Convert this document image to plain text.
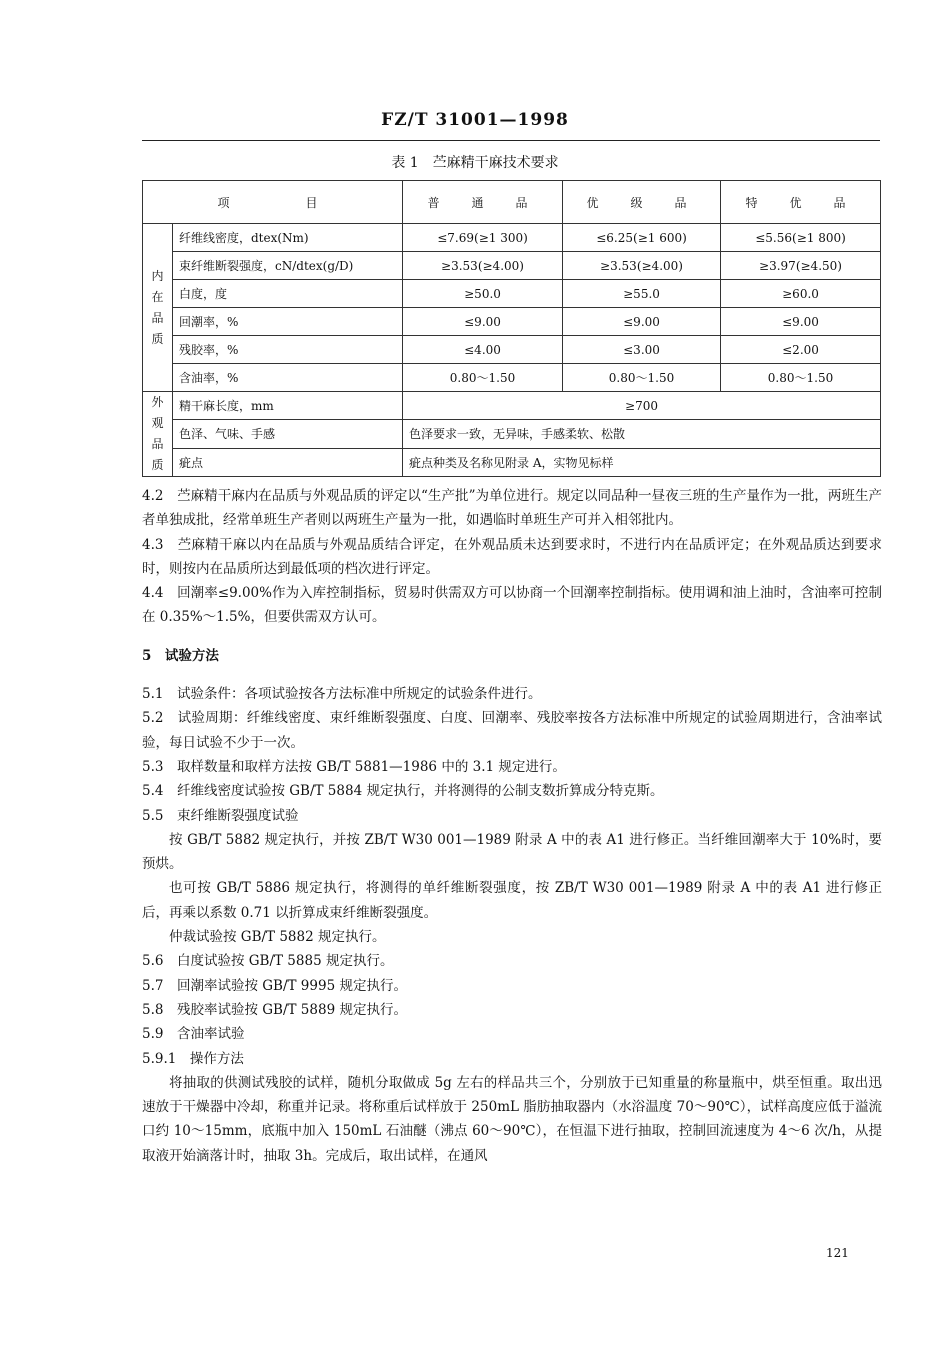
FZ/T 31001—1998
表 1　苎麻精干麻技术要求
项　　　目		普　通　品	优　级　品	特　优　品
内在品质	纤维线密度，dtex(Nm)	≤7.69(≥1 300)	≤6.25(≥1 600)	≤5.56(≥1 800)
	束纤维断裂强度，cN/dtex(g/D)	≥3.53(≥4.00)	≥3.53(≥4.00)	≥3.97(≥4.50)
	白度，度	≥50.0	≥55.0	≥60.0
	回潮率，%	≤9.00	≤9.00	≤9.00
	残胶率，%	≤4.00	≤3.00	≤2.00
	含油率，%	0.80～1.50	0.80～1.50	0.80～1.50
外观品质	精干麻长度，mm	≥700		
	色泽、气味、手感	色泽要求一致，无异味，手感柔软、松散		
	疵点	疵点种类及名称见附录 A，实物见标样		

4.2　苎麻精干麻内在品质与外观品质的评定以“生产批”为单位进行。规定以同品种一昼夜三班的生产量作为一批，两班生产者单独成批，经常单班生产者则以两班生产量为一批，如遇临时单班生产可并入相邻批内。

4.3　苎麻精干麻以内在品质与外观品质结合评定，在外观品质未达到要求时，不进行内在品质评定；在外观品质达到要求时，则按内在品质所达到最低项的档次进行评定。

4.4　回潮率≤9.00%作为入库控制指标，贸易时供需双方可以协商一个回潮率控制指标。使用调和油上油时，含油率可控制在 0.35%～1.5%，但要供需双方认可。

5　试验方法

5.1　试验条件：各项试验按各方法标准中所规定的试验条件进行。

5.2　试验周期：纤维线密度、束纤维断裂强度、白度、回潮率、残胶率按各方法标准中所规定的试验周期进行，含油率试验，每日试验不少于一次。

5.3　取样数量和取样方法按 GB/T 5881—1986 中的 3.1 规定进行。

5.4　纤维线密度试验按 GB/T 5884 规定执行，并将测得的公制支数折算成分特克斯。

5.5　束纤维断裂强度试验

按 GB/T 5882 规定执行，并按 ZB/T W30 001—1989 附录 A 中的表 A1 进行修正。当纤维回潮率大于 10%时，要预烘。

也可按 GB/T 5886 规定执行，将测得的单纤维断裂强度，按 ZB/T W30 001—1989 附录 A 中的表 A1 进行修正后，再乘以系数 0.71 以折算成束纤维断裂强度。

仲裁试验按 GB/T 5882 规定执行。

5.6　白度试验按 GB/T 5885 规定执行。

5.7　回潮率试验按 GB/T 9995 规定执行。

5.8　残胶率试验按 GB/T 5889 规定执行。

5.9　含油率试验

5.9.1　操作方法

将抽取的供测试残胶的试样，随机分取做成 5g 左右的样品共三个，分别放于已知重量的称量瓶中，烘至恒重。取出迅速放于干燥器中冷却，称重并记录。将称重后试样放于 250mL 脂肪抽取器内（水浴温度 70～90℃），试样高度应低于溢流口约 10～15mm，底瓶中加入 150mL 石油醚（沸点 60～90℃），在恒温下进行抽取，控制回流速度为 4～6 次/h，从提取液开始滴落计时，抽取 3h。完成后，取出试样，在通风

121
